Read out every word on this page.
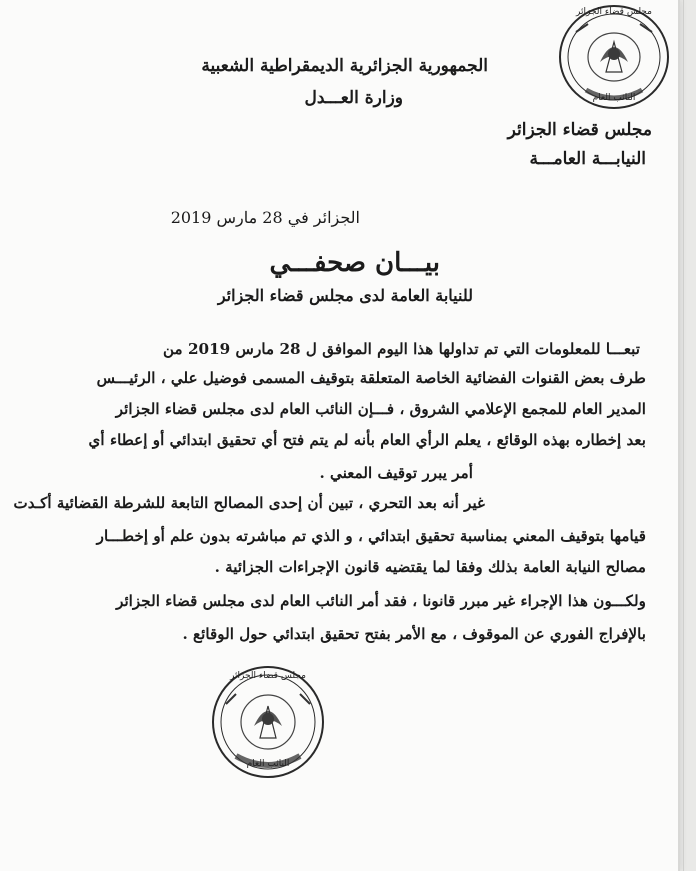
مجلس قضاء الجزائر
النائب العام
الجمهورية الجزائرية الديمقراطية الشعبية
وزارة العـــدل
مجلس قضاء الجزائر
النيابـــة العامـــة
الجزائر في 28 مارس 2019
بيـــان صحفـــي
للنيابة العامة لدى مجلس قضاء الجزائر
تبعـــا للمعلومات التي تم تداولها هذا اليوم الموافق ل 28 مارس 2019 من
طرف بعض القنوات الفضائية الخاصة المتعلقة بتوقيف المسمى فوضيل علي ، الرئيـــس
المدير العام للمجمع الإعلامي الشروق ، فـــإن النائب العام لدى مجلس قضاء الجزائر
بعد إخطاره بهذه الوقائع ، يعلم الرأي العام بأنه لم يتم فتح أي تحقيق ابتدائي أو إعطاء أي
أمر يبرر توقيف المعني .
غير أنه بعد التحري ، تبين أن إحدى المصالح التابعة للشرطة القضائية أكـدت
قيامها بتوقيف المعني بمناسبة تحقيق ابتدائي ، و الذي تم مباشرته بدون علم أو إخطـــار
مصالح النيابة العامة بذلك وفقا لما يقتضيه قانون الإجراءات الجزائية .
ولكـــون هذا الإجراء غير مبرر قانونا ، فقد أمر النائب العام لدى مجلس قضاء الجزائر
بالإفراج الفوري عن الموقوف ، مع الأمر بفتح تحقيق ابتدائي حول الوقائع .
مجلس قضاء الجزائر
النائب العام
